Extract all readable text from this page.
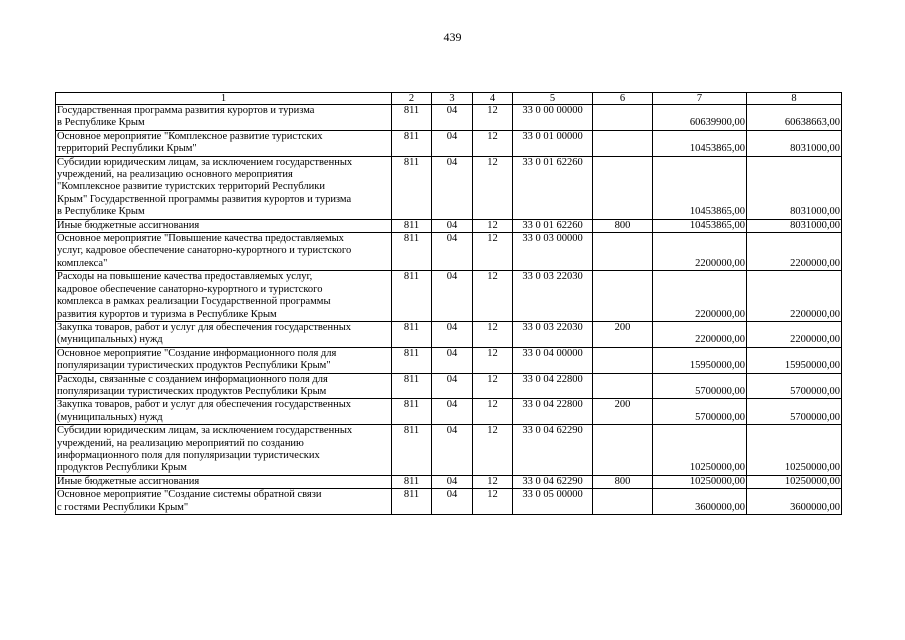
439
1	2	3	4	5	6	7	8
Государственная программа развития курортов и туризма
в Республике Крым	811	04	12	33 0 00 00000		60639900,00	60638663,00
Основное мероприятие "Комплексное развитие туристских
территорий Республики Крым"	811	04	12	33 0 01 00000		10453865,00	8031000,00
Субсидии юридическим лицам, за исключением государственных
учреждений, на реализацию основного мероприятия
"Комплексное развитие туристских территорий Республики
Крым" Государственной программы развития курортов и туризма
в Республике Крым	811	04	12	33 0 01 62260		10453865,00	8031000,00
Иные бюджетные ассигнования	811	04	12	33 0 01 62260	800	10453865,00	8031000,00
Основное мероприятие "Повышение качества предоставляемых
услуг, кадровое обеспечение санаторно-курортного и туристского
комплекса"	811	04	12	33 0 03 00000		2200000,00	2200000,00
Расходы на повышение качества предоставляемых услуг,
кадровое обеспечение санаторно-курортного и туристского
комплекса в рамках реализации Государственной программы
развития курортов и туризма в Республике Крым	811	04	12	33 0 03 22030		2200000,00	2200000,00
Закупка товаров, работ и услуг для обеспечения государственных
(муниципальных) нужд	811	04	12	33 0 03 22030	200	2200000,00	2200000,00
Основное мероприятие "Создание информационного поля для
популяризации туристических продуктов Республики Крым"	811	04	12	33 0 04 00000		15950000,00	15950000,00
Расходы, связанные с созданием информационного поля для
популяризации туристических продуктов Республики Крым	811	04	12	33 0 04 22800		5700000,00	5700000,00
Закупка товаров, работ и услуг для обеспечения государственных
(муниципальных) нужд	811	04	12	33 0 04 22800	200	5700000,00	5700000,00
Субсидии юридическим лицам, за исключением государственных
учреждений, на реализацию мероприятий по созданию
информационного поля для популяризации туристических
продуктов Республики Крым	811	04	12	33 0 04 62290		10250000,00	10250000,00
Иные бюджетные ассигнования	811	04	12	33 0 04 62290	800	10250000,00	10250000,00
Основное мероприятие "Создание системы обратной связи
с гостями Республики Крым"	811	04	12	33 0 05 00000		3600000,00	3600000,00
